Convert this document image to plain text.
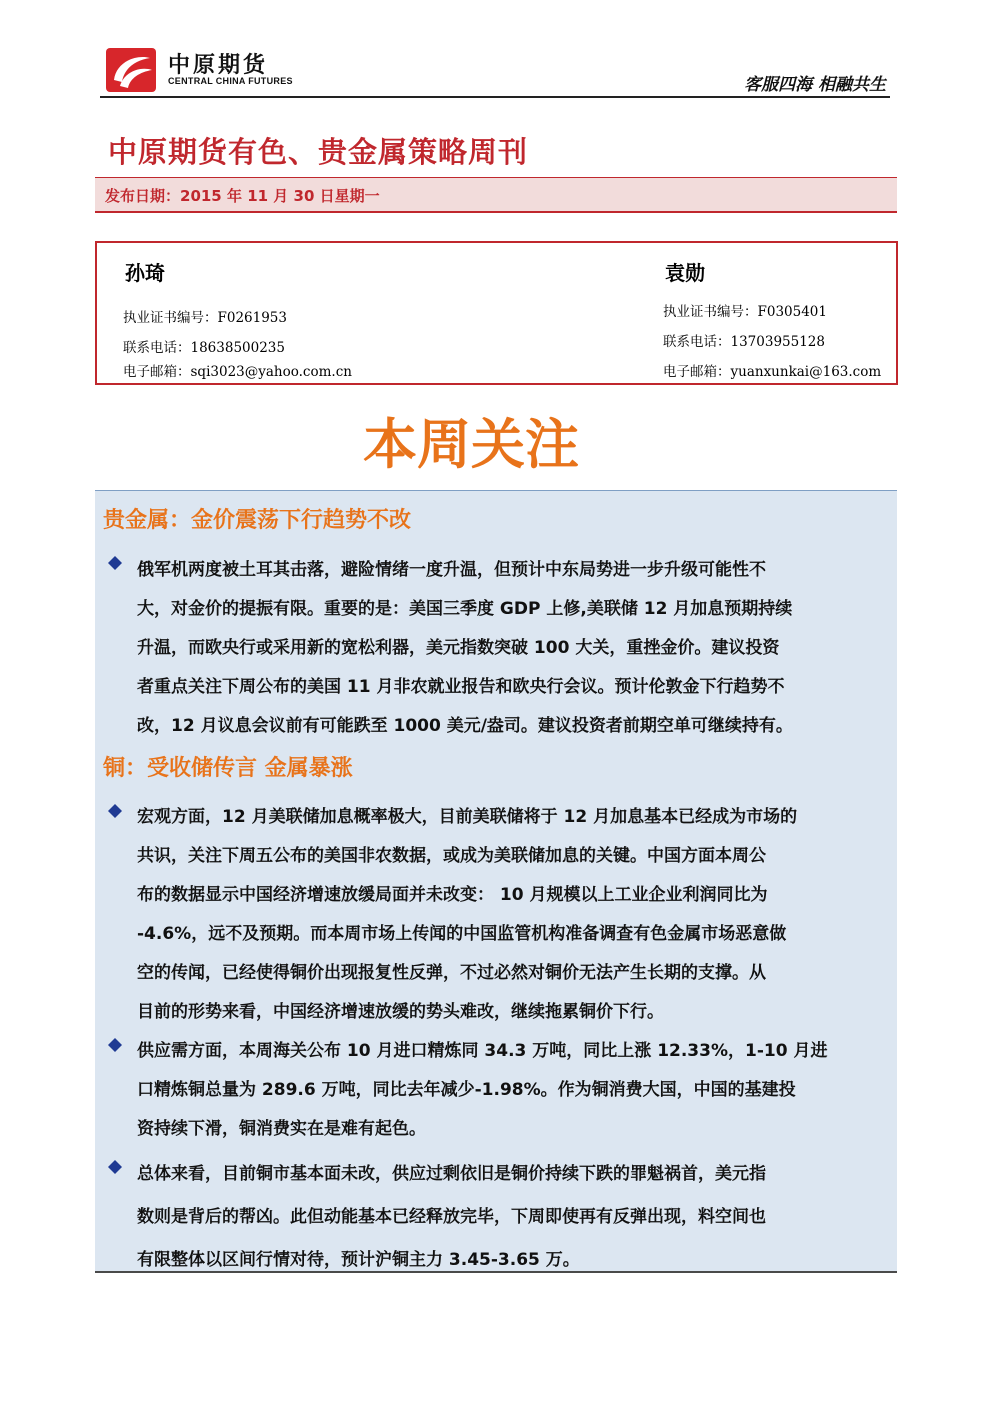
中原期货
CENTRAL CHINA FUTURES	客服四海 相融共生
中原期货有色、贵金属策略周刊
发布日期：2015 年 11 月 30 日星期一
孙琦
执业证书编号：F0261953
联系电话：18638500235
电子邮箱：sqi3023@yahoo.com.cn
袁勋
执业证书编号：F0305401
联系电话：13703955128
电子邮箱：yuanxunkai@163.com
本周关注
贵金属：金价震荡下行趋势不改
俄军机两度被土耳其击落，避险情绪一度升温，但预计中东局势进一步升级可能性不
大，对金价的提振有限。重要的是：美国三季度 GDP 上修,美联储 12 月加息预期持续
升温，而欧央行或采用新的宽松利器，美元指数突破 100 大关，重挫金价。建议投资
者重点关注下周公布的美国 11 月非农就业报告和欧央行会议。预计伦敦金下行趋势不
改，12 月议息会议前有可能跌至 1000 美元/盎司。建议投资者前期空单可继续持有。
铜：受收储传言 金属暴涨
宏观方面，12 月美联储加息概率极大，目前美联储将于 12 月加息基本已经成为市场的
共识，关注下周五公布的美国非农数据，或成为美联储加息的关键。中国方面本周公
布的数据显示中国经济增速放缓局面并未改变： 10 月规模以上工业企业利润同比为
-4.6%，远不及预期。而本周市场上传闻的中国监管机构准备调查有色金属市场恶意做
空的传闻，已经使得铜价出现报复性反弹，不过必然对铜价无法产生长期的支撑。从
目前的形势来看，中国经济增速放缓的势头难改，继续拖累铜价下行。
供应需方面，本周海关公布 10 月进口精炼同 34.3 万吨，同比上涨 12.33%，1-10 月进
口精炼铜总量为 289.6 万吨，同比去年减少-1.98%。作为铜消费大国，中国的基建投
资持续下滑，铜消费实在是难有起色。
总体来看，目前铜市基本面未改，供应过剩依旧是铜价持续下跌的罪魁祸首，美元指
数则是背后的帮凶。此但动能基本已经释放完毕，下周即使再有反弹出现，料空间也
有限整体以区间行情对待，预计沪铜主力 3.45-3.65 万。
